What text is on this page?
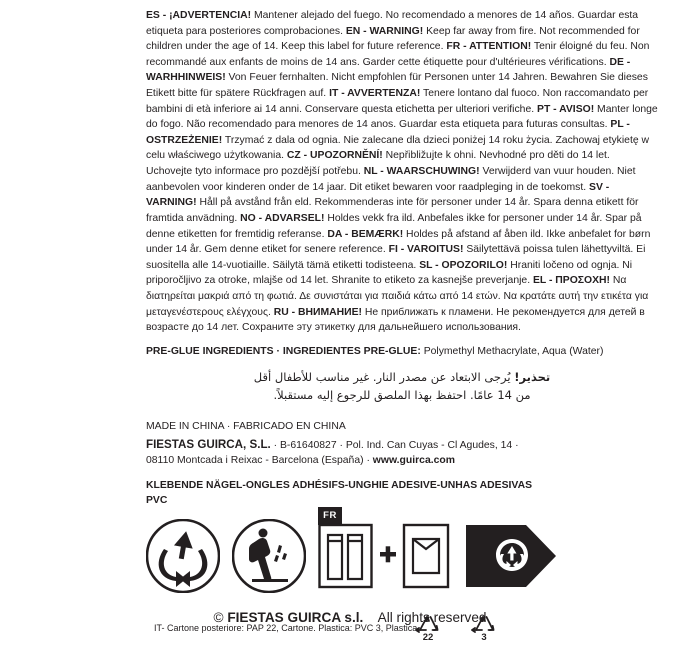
ES - ¡ADVERTENCIA! Mantener alejado del fuego. No recomendado a menores de 14 años. Guardar esta etiqueta para posteriores comprobaciones. EN - WARNING! Keep far away from fire. Not recommended for children under the age of 14. Keep this label for future reference. FR - ATTENTION! Tenir éloigné du feu. Non recommandé aux enfants de moins de 14 ans. Garder cette étiquette pour d'ultérieures vérifications. DE - WARHHINWEIS! Von Feuer fernhalten. Nicht empfohlen für Personen unter 14 Jahren. Bewahren Sie dieses Etikett bitte für spätere Rückfragen auf. IT - AVVERTENZA! Tenere lontano dal fuoco. Non raccomandato per bambini di età inferiore ai 14 anni. Conservare questa etichetta per ulteriori verifiche. PT - AVISO! Manter longe do fogo. Não recomendado para menores de 14 anos. Guardar esta etiqueta para futuras consultas. PL - OSTRZEŻENIE! Trzymać z dala od ognia. Nie zalecane dla dzieci poniżej 14 roku życia. Zachowaj etykietę w celu właściwego użytkowania. CZ - UPOZORNĚNÍ! Nepřibližujte k ohni. Nevhodné pro děti do 14 let. Uchovejte tyto informace pro pozdější potřebu. NL - WAARSCHUWING! Verwijderd van vuur houden. Niet aanbevolen voor kinderen onder de 14 jaar. Dit etiket bewaren voor raadpleging in de toekomst. SV - VARNING! Håll på avstånd från eld. Rekommenderas inte för personer under 14 år. Spara denna etikett för framtida anvädning. NO - ADVARSEL! Holdes vekk fra ild. Anbefales ikke for personer under 14 år. Spar på denne etiketten for fremtidig referanse. DA - BEMÆRK! Holdes på afstand af åben ild. Ikke anbefalet for børn under 14 år. Gem denne etiket for senere reference. FI - VAROITUS! Säilytettävä poissa tulen lähettyviltä. Ei suositella alle 14-vuotiaille. Säilytä tämä etiketti todisteena. SL - OPOZORILO! Hraniti ločeno od ognja. Ni priporočljivo za otroke, mlajše od 14 let. Shranite to etiketo za kasnejše preverjanje. EL - ΠΡΟΣΟΧΗ! Να διατηρείται μακριά από τη φωτιά. Δε συνιστάται για παιδιά κάτω από 14 ετών. Να κρατάτε αυτή την ετικέτα για μεταγενέστερους ελέγχους. RU - ВНИМАНИЕ! Не приближать к пламени. Не рекомендуется для детей в возрасте до 14 лет. Сохраните эту этикетку для дальнейшего использования.
PRE-GLUE INGREDIENTS · INGREDIENTES PRE-GLUE: Polymethyl Methacrylate, Aqua (Water)
تحذير! يُرجى الابتعاد عن مصدر النار. غير مناسب للأطفال أقل
من 14 عامًا. احتفظ بهذا الملصق للرجوع إليه مستقبلاً.
MADE IN CHINA · FABRICADO EN CHINA
FIESTAS GUIRCA, S.L. · B-61640827 · Pol. Ind. Can Cuyas - Cl Agudes, 14 ·
08110 Montcada i Reixac - Barcelona (España) · www.guirca.com
KLEBENDE NÄGEL-ONGLES ADHÉSIFS-UNGHIE ADESIVE-UNHAS ADESIVAS
PVC
FR
IT- Cartone posteriore: PAP 22, Cartone. Plastica: PVC 3, Plastica.
22	3
© FIESTAS GUIRCA s.l. All rights reserved
